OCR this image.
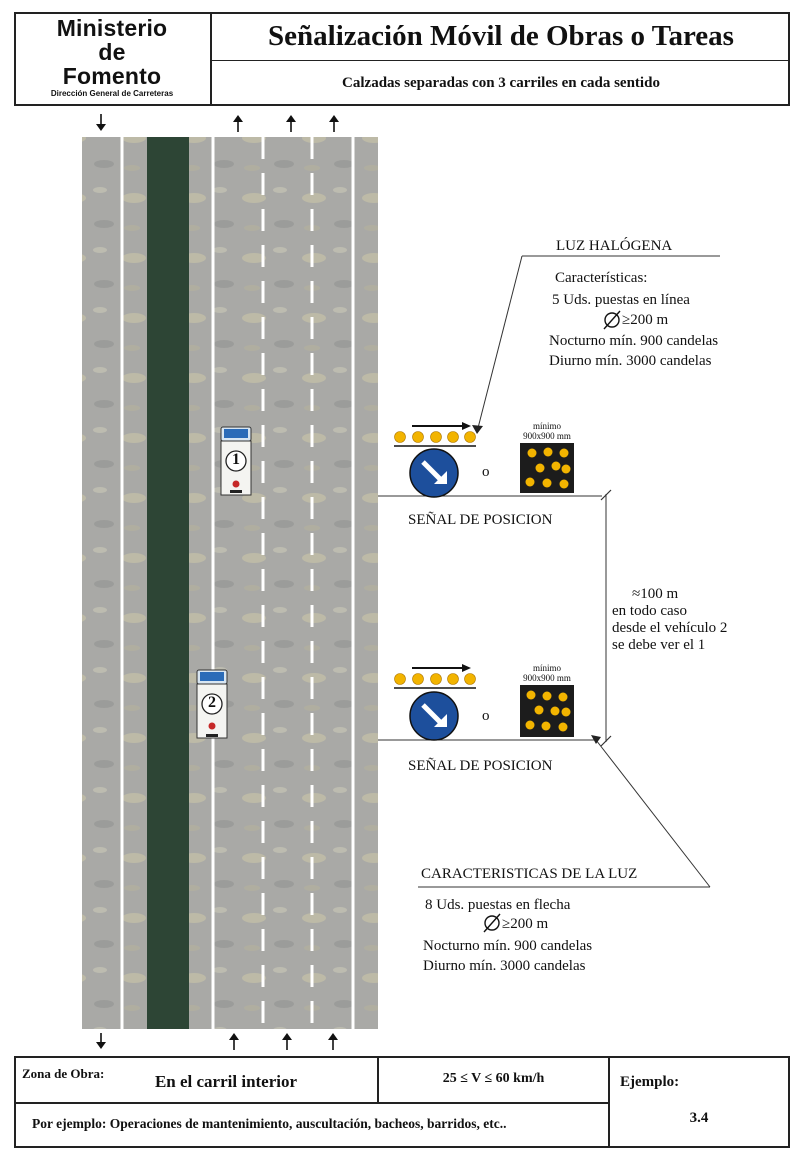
Ministerio
de
Fomento
Dirección General de Carreteras
Señalización Móvil de Obras o Tareas
Calzadas separadas con 3 carriles en cada sentido
1
2
LUZ HALÓGENA
Características:
5 Uds. puestas en línea
≥200 m
Nocturno mín. 900 candelas
Diurno mín. 3000 candelas
mínimo
900x900 mm
o
SEÑAL DE POSICION
≈100 m
en todo caso
desde el vehículo 2
se debe ver el 1
mínimo
900x900 mm
o
SEÑAL DE POSICION
CARACTERISTICAS DE LA LUZ
8 Uds. puestas en flecha
≥200 m
Nocturno mín. 900 candelas
Diurno mín. 3000 candelas
Zona de Obra:	En el carril interior	25 ≤ V ≤ 60 km/h	Ejemplo:
3.4
Por ejemplo: Operaciones de mantenimiento, auscultación, bacheos, barridos, etc..
